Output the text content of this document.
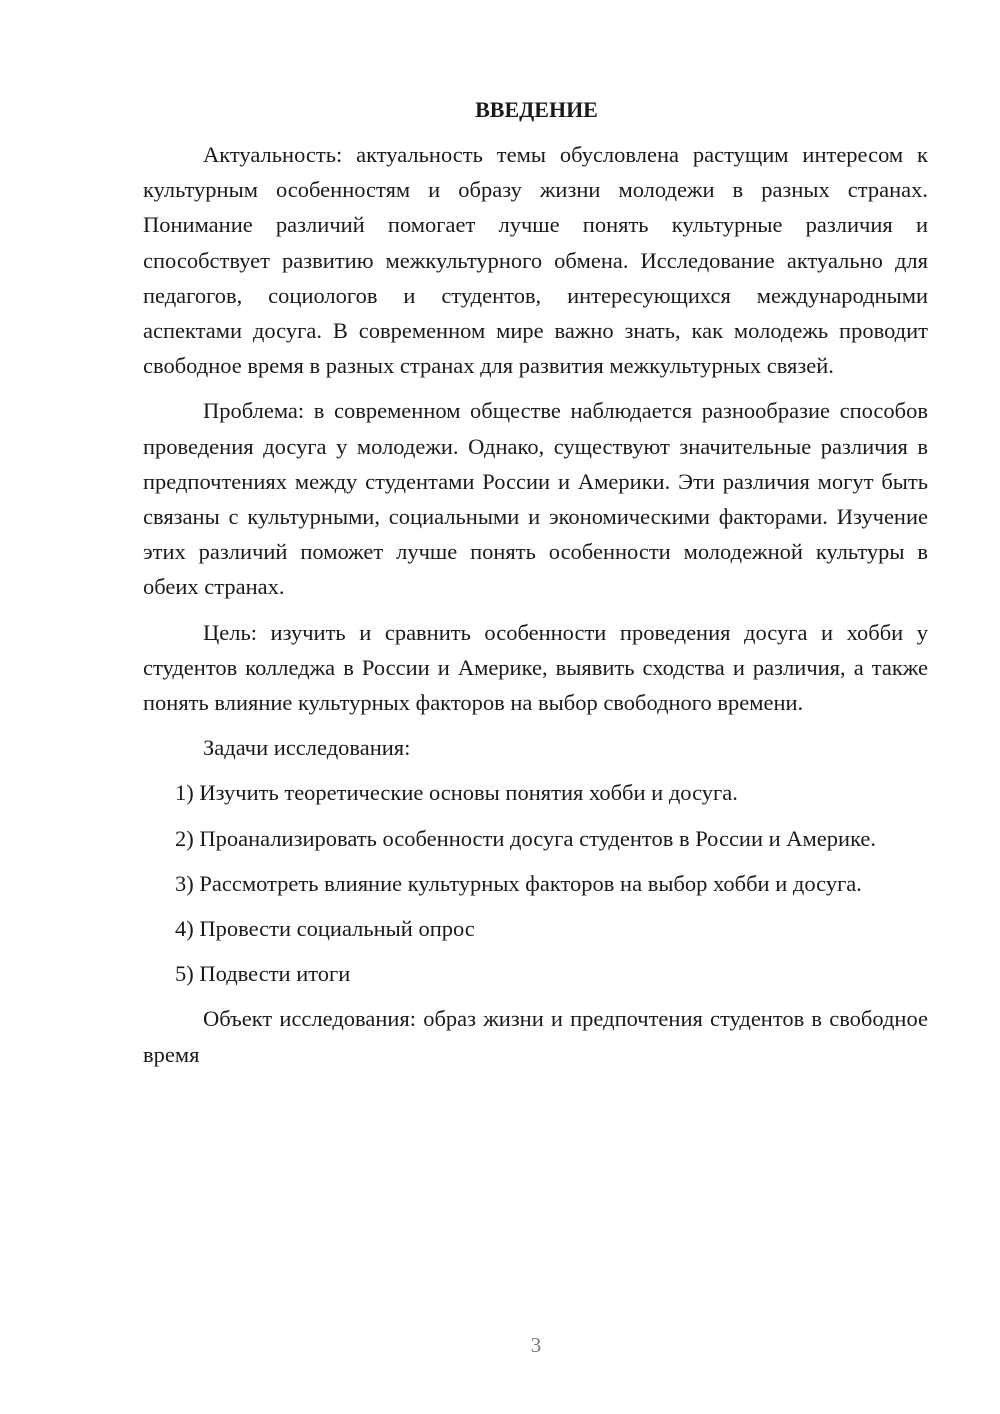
ВВЕДЕНИЕ

Актуальность: актуальность темы обусловлена растущим интересом к культурным особенностям и образу жизни молодежи в разных странах. Понимание различий помогает лучше понять культурные различия и способствует развитию межкультурного обмена. Исследование актуально для педагогов, социологов и студентов, интересующихся международными аспектами досуга. В современном мире важно знать, как молодежь проводит свободное время в разных странах для развития межкультурных связей.

Проблема: в современном обществе наблюдается разнообразие способов проведения досуга у молодежи. Однако, существуют значительные различия в предпочтениях между студентами России и Америки. Эти различия могут быть связаны с культурными, социальными и экономическими факторами. Изучение этих различий поможет лучше понять особенности молодежной культуры в обеих странах.

Цель: изучить и сравнить особенности проведения досуга и хобби у студентов колледжа в России и Америке, выявить сходства и различия, а также понять влияние культурных факторов на выбор свободного времени.

Задачи исследования:

1) Изучить теоретические основы понятия хобби и досуга.
2) Проанализировать особенности досуга студентов в России и Америке.
3) Рассмотреть влияние культурных факторов на выбор хобби и досуга.
4) Провести социальный опрос
5) Подвести итоги

Объект исследования: образ жизни и предпочтения студентов в свободное время

3
